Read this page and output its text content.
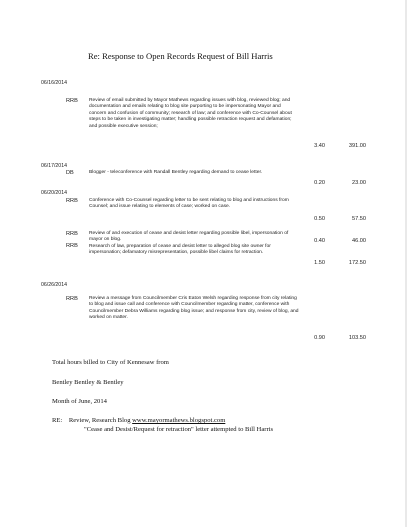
Re: Response to Open Records Request of Bill Harris
06/16/2014
RRB Review of email submitted by Mayor Mathews regarding issues with blog, reviewed blog; and documentation and emails relating to blog site purporting to be impersonating Mayor and concern and confusion of community; research of law; and conference with Co-Counsel about steps to be taken in investigating matter; handling possible retraction request and defamation; and possible executive session;
3.40	391.00
06/17/2014
DB	Blogger - teleconference with Randall Bentley regarding demand to cease letter.
0.20	23.00
06/20/2014
RRB Conference with Co-Counsel regarding letter to be sent relating to blog and instructions from Counsel; and issue relating to elements of case; worked on case.
0.50	57.50
RRB Review of and execution of cease and desist letter regarding possible libel, impersonation of mayor on blog.	0.40	46.00
RRB Research of law, preparation of cease and desist letter to alleged blog site owner for impersonation; defamatory misrepresentation, possible libel claims for retraction.
1.50	172.50
06/26/2014
RRB Review a message from Councilmember Cris Eaton Welsh regarding response from city relating to blog and issue call and conference with Councilmember regarding matter, conference with Councilmember Debra Williams regarding blog issue; and response from city, review of blog, and worked on matter.
0.90	103.50
Total hours billed to City of Kennesaw from
Bentley Bentley & Bentley
Month of June, 2014
RE: Review, Research Blog www.mayormathews.blogspot.com
"Cease and Desist/Request for retraction" letter attempted to Bill Harris
